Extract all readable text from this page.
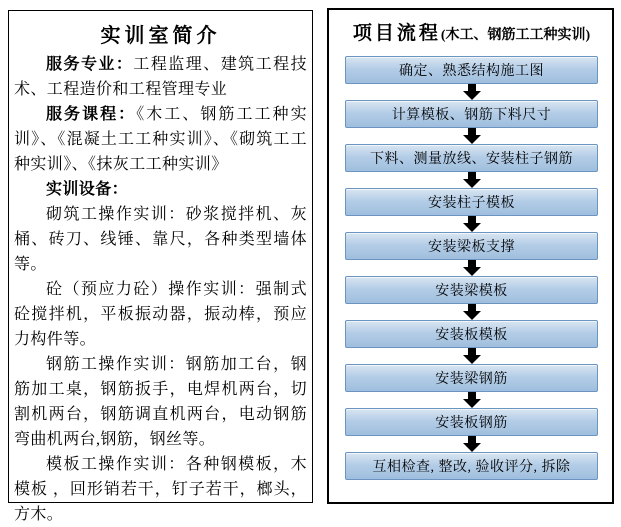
实训室简介

服务专业：工程监理、建筑工程技术、工程造价和工程管理专业

服务课程：《木工、钢筋工工种实训》、《混凝土工工种实训》、《砌筑工工种实训》、《抹灰工工种实训》

实训设备：

砌筑工操作实训：砂浆搅拌机、灰桶、砖刀、线锤、靠尺，各种类型墙体等。

砼（预应力砼）操作实训：强制式砼搅拌机，平板振动器，振动棒，预应力构件等。

钢筋工操作实训：钢筋加工台，钢筋加工桌，钢筋扳手，电焊机两台，切割机两台，钢筋调直机两台，电动钢筋弯曲机两台,钢筋，钢丝等。

模板工操作实训：各种钢模板，木模板 ，回形销若干，钉子若干，榔头，方木。

项目流程(木工、钢筋工工种实训)
确定、熟悉结构施工图
计算模板、钢筋下料尺寸
下料、测量放线、安装柱子钢筋
安装柱子模板
安装梁板支撑
安装梁模板
安装板模板
安装梁钢筋
安装板钢筋
互相检查, 整改, 验收评分, 拆除
